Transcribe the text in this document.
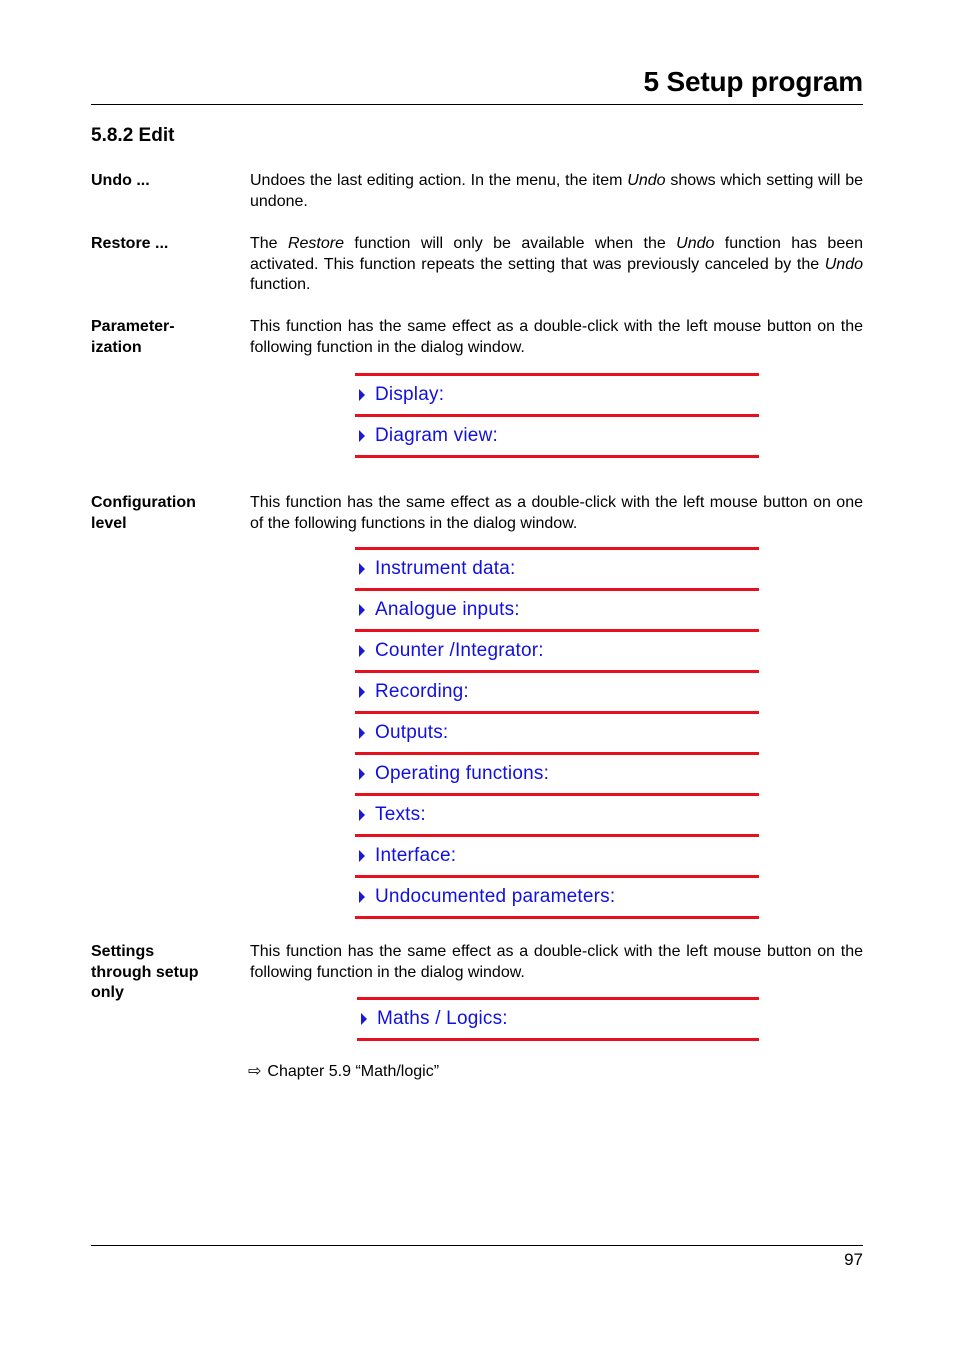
5 Setup program
5.8.2 Edit
Undo ...	Undoes the last editing action. In the menu, the item Undo shows which setting will be undone.
Restore ...	The Restore function will only be available when the Undo function has been activated. This function repeats the setting that was previously canceled by the Undo function.
Parameter-
ization
This function has the same effect as a double-click with the left mouse button on the following function in the dialog window.
Display:
Diagram view:
Configuration
level
This function has the same effect as a double-click with the left mouse button on one of the following functions in the dialog window.
Instrument data:
Analogue inputs:
Counter /Integrator:
Recording:
Outputs:
Operating functions:
Texts:
Interface:
Undocumented parameters:
Settings
through setup
only
This function has the same effect as a double-click with the left mouse button on the following function in the dialog window.
Maths / Logics:
⇨ Chapter 5.9 “Math/logic”
97
